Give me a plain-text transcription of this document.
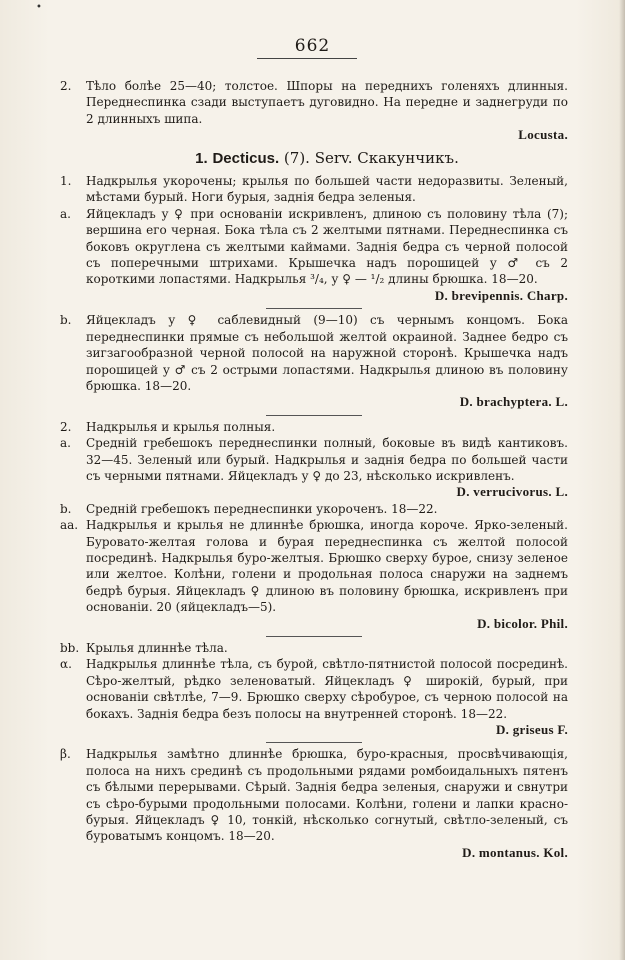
•
662
2.	Тѣло болѣе 25—40; толстое. Шпоры на переднихъ голеняхъ длинныя. Переднеспинка сзади выступаетъ дуговидно. На передне и заднегруди по 2 длинныхъ шипа.
Locusta.
1. Decticus. (7). Serv. Скакунчикъ.
1.	Надкрылья укорочены; крылья по большей части недоразвиты. Зеленый, мѣстами бурый. Ноги бурыя, заднія бедра зеленыя.
a.	Яйцекладъ у ♀ при основаніи искривленъ, длиною съ половину тѣла (7); вершина его черная. Бока тѣла съ 2 желтыми пятнами. Переднеспинка съ боковъ округлена съ желтыми каймами. Заднія бедра съ черной полосой съ поперечными штрихами. Крышечка надъ порошицей у ♂ съ 2 короткими лопастями. Надкрылья ³/₄, у ♀ — ¹/₂ длины брюшка. 18—20.
D. brevipennis. Charp.
b.	Яйцекладъ у ♀ саблевидный (9—10) съ чернымъ концомъ. Бока переднеспинки прямые съ небольшой желтой окраиной. Заднее бедро съ зигзагообразной черной полосой на наружной сторонѣ. Крышечка надъ порошицей у ♂ съ 2 острыми лопастями. Надкрылья длиною въ половину брюшка. 18—20.
D. brachyptera. L.
2.	Надкрылья и крылья полныя.
a.	Средній гребешокъ переднеспинки полный, боковые въ видѣ кантиковъ. 32—45. Зеленый или бурый. Надкрылья и заднія бедра по большей части съ черными пятнами. Яйцекладъ у ♀ до 23, нѣсколько искривленъ.
D. verrucivorus. L.
b.	Средній гребешокъ переднеспинки укороченъ. 18—22.
aa. Надкрылья и крылья не длиннѣе брюшка, иногда короче. Ярко-зеленый. Буровато-желтая голова и бурая переднеспинка съ желтой полосой посрединѣ. Надкрылья буро-желтыя. Брюшко сверху бурое, снизу зеленое или желтое. Колѣни, голени и продольная полоса снаружи на заднемъ бедрѣ бурыя. Яйцекладъ ♀ длиною въ половину брюшка, искривленъ при основаніи. 20 (яйцекладъ—5).
D. bicolor. Phil.
bb. Крылья длиннѣе тѣла.
α.	Надкрылья длиннѣе тѣла, съ бурой, свѣтло-пятнистой полосой посрединѣ. Сѣро-желтый, рѣдко зеленоватый. Яйцекладъ ♀ широкій, бурый, при основаніи свѣтлѣе, 7—9. Брюшко сверху сѣробурое, съ черною полосой на бокахъ. Заднія бедра безъ полосы на внутренней сторонѣ. 18—22.
D. griseus F.
β.	Надкрылья замѣтно длиннѣе брюшка, буро-красныя, просвѣчивающія, полоса на нихъ срединѣ съ продольными рядами ромбоидальныхъ пятенъ съ бѣлыми перерывами. Сѣрый. Заднія бедра зеленыя, снаружи и свнутри съ сѣро-бурыми продольными полосами. Колѣни, голени и лапки красно-бурыя. Яйцекладъ ♀ 10, тонкій, нѣсколько согнутый, свѣтло-зеленый, съ буроватымъ концомъ. 18—20.
D. montanus. Kol.
